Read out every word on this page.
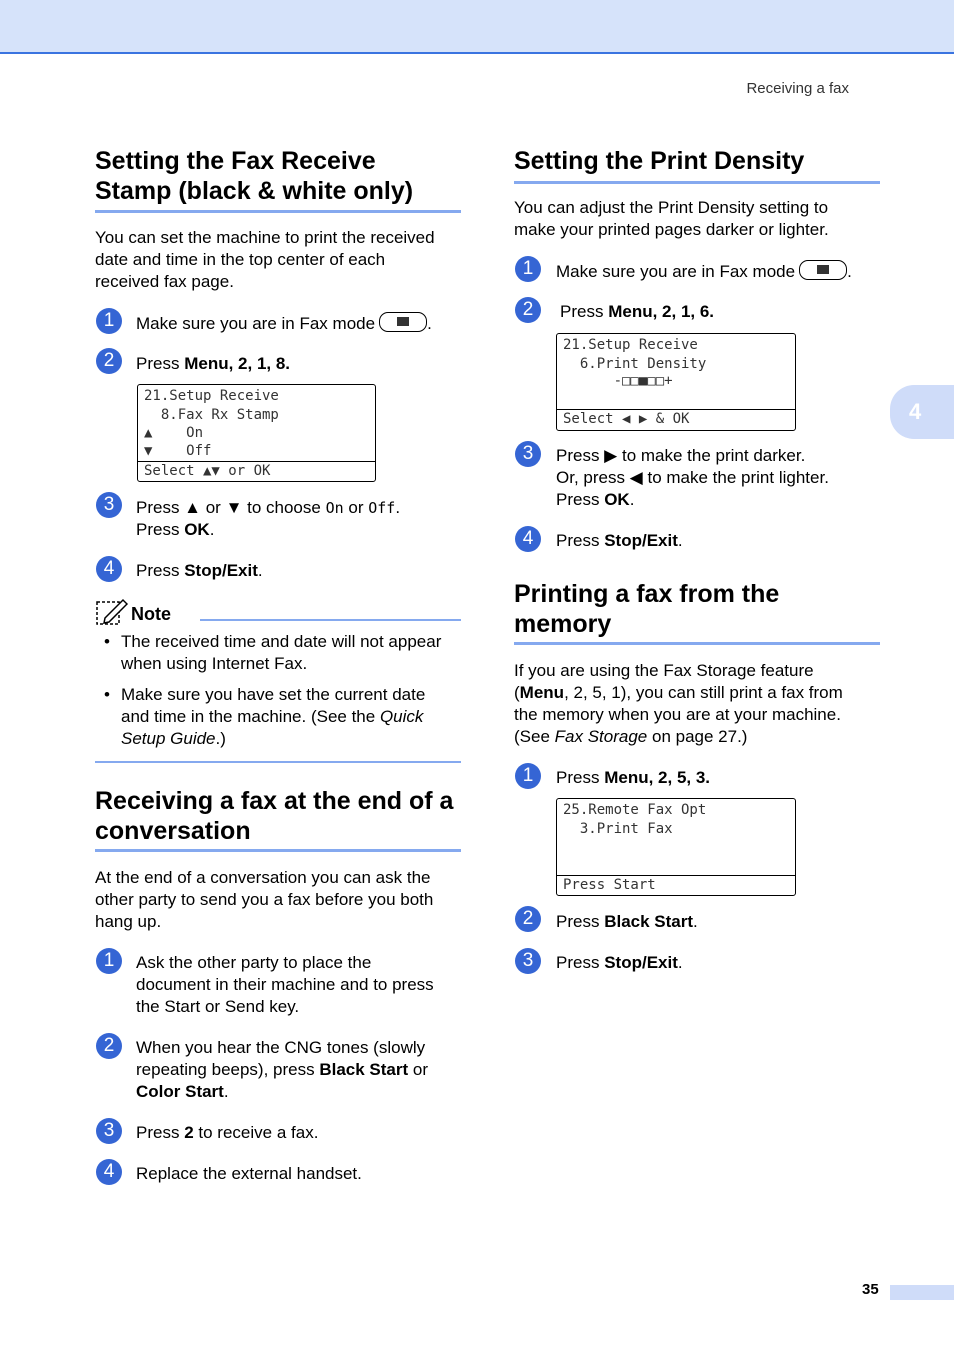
Receiving a fax
4
Setting the Fax Receive
Stamp (black & white only)
You can set the machine to print the received
date and time in the top center of each
received fax page.
1	Make sure you are in Fax mode	.
2	Press Menu, 2, 1, 8.
21.Setup Receive
8.Fax Rx Stamp
▲    On
▼    Off
Select ▲▼ or OK
3	Press ▲ or ▼ to choose On or Off.
Press OK.
4	Press Stop/Exit.
Note
• The received time and date will not appear
when using Internet Fax.
• Make sure you have set the current date
and time in the machine. (See the Quick
Setup Guide.)
Receiving a fax at the end of a
conversation
At the end of a conversation you can ask the
other party to send you a fax before you both
hang up.
1	Ask the other party to place the
document in their machine and to press
the Start or Send key.
2	When you hear the CNG tones (slowly
repeating beeps), press Black Start or
Color Start.
3	Press 2 to receive a fax.
4	Replace the external handset.
Setting the Print Density
You can adjust the Print Density setting to
make your printed pages darker or lighter.
1	Make sure you are in Fax mode	.
2	Press Menu, 2, 1, 6.
21.Setup Receive
6.Print Density
-□□■□□+
Select ◀ ▶ & OK
3	Press ▶ to make the print darker.
Or, press ◀ to make the print lighter.
Press OK.
4	Press Stop/Exit.
Printing a fax from the
memory
If you are using the Fax Storage feature
(Menu, 2, 5, 1), you can still print a fax from
the memory when you are at your machine.
(See Fax Storage on page 27.)
1	Press Menu, 2, 5, 3.
25.Remote Fax Opt
3.Print Fax
Press Start
2	Press Black Start.
3	Press Stop/Exit.
35
